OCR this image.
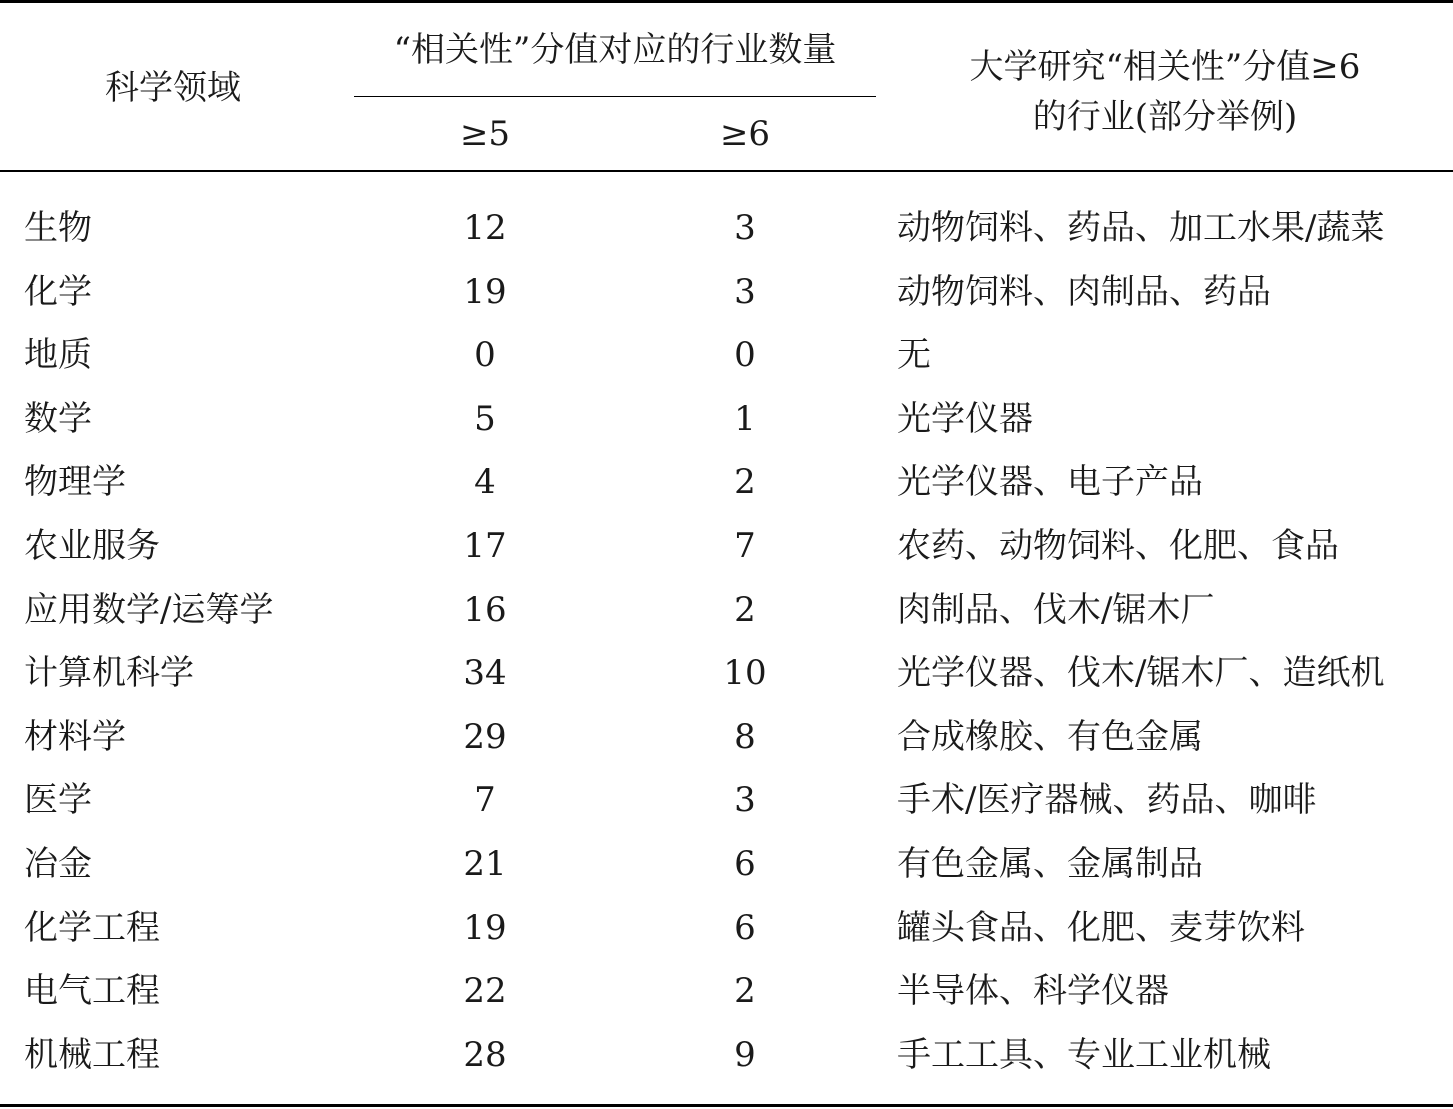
科学领域
“相关性”分值对应的行业数量
≥5	≥6
大学研究“相关性”分值≥6
的行业(部分举例)
生物	12	3	动物饲料、药品、加工水果/蔬菜
化学	19	3	动物饲料、肉制品、药品
地质	0	0	无
数学	5	1	光学仪器
物理学	4	2	光学仪器、电子产品
农业服务	17	7	农药、动物饲料、化肥、食品
应用数学/运筹学	16	2	肉制品、伐木/锯木厂
计算机科学	34	10	光学仪器、伐木/锯木厂、造纸机
材料学	29	8	合成橡胶、有色金属
医学	7	3	手术/医疗器械、药品、咖啡
冶金	21	6	有色金属、金属制品
化学工程	19	6	罐头食品、化肥、麦芽饮料
电气工程	22	2	半导体、科学仪器
机械工程	28	9	手工工具、专业工业机械
